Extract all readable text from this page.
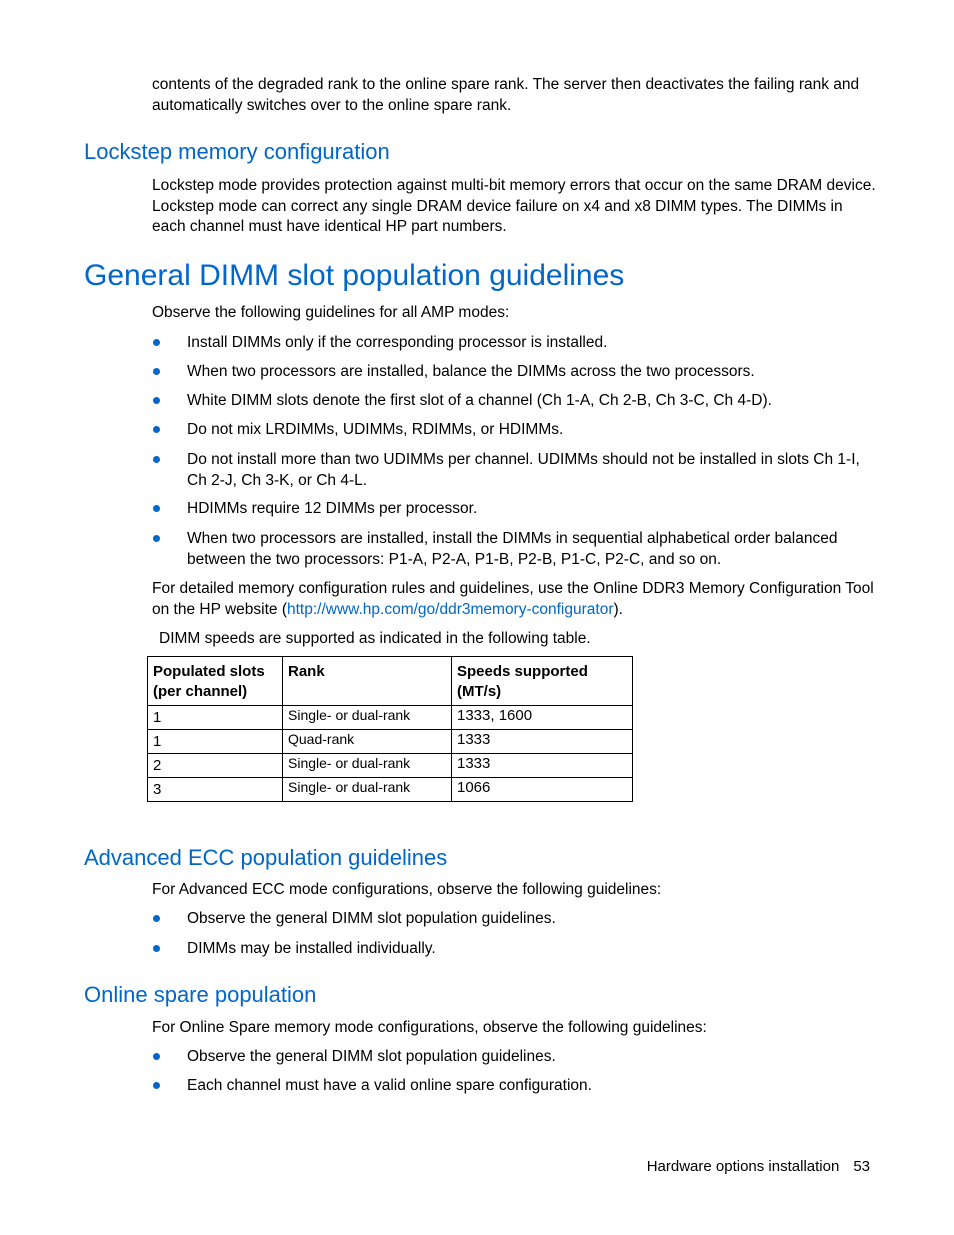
contents of the degraded rank to the online spare rank. The server then deactivates the failing rank and automatically switches over to the online spare rank.
Lockstep memory configuration
Lockstep mode provides protection against multi-bit memory errors that occur on the same DRAM device. Lockstep mode can correct any single DRAM device failure on x4 and x8 DIMM types. The DIMMs in each channel must have identical HP part numbers.
General DIMM slot population guidelines
Observe the following guidelines for all AMP modes:
Install DIMMs only if the corresponding processor is installed.
When two processors are installed, balance the DIMMs across the two processors.
White DIMM slots denote the first slot of a channel (Ch 1-A, Ch 2-B, Ch 3-C, Ch 4-D).
Do not mix LRDIMMs, UDIMMs, RDIMMs, or HDIMMs.
Do not install more than two UDIMMs per channel. UDIMMs should not be installed in slots Ch 1-I, Ch 2-J, Ch 3-K, or Ch 4-L.
HDIMMs require 12 DIMMs per processor.
When two processors are installed, install the DIMMs in sequential alphabetical order balanced between the two processors: P1-A, P2-A, P1-B, P2-B, P1-C, P2-C, and so on.
For detailed memory configuration rules and guidelines, use the Online DDR3 Memory Configuration Tool on the HP website (http://www.hp.com/go/ddr3memory-configurator).
DIMM speeds are supported as indicated in the following table.
Populated slots (per channel)	Rank	Speeds supported (MT/s)
1	Single- or dual-rank	1333, 1600
1	Quad-rank	1333
2	Single- or dual-rank	1333
3	Single- or dual-rank	1066
Advanced ECC population guidelines
For Advanced ECC mode configurations, observe the following guidelines:
Observe the general DIMM slot population guidelines.
DIMMs may be installed individually.
Online spare population
For Online Spare memory mode configurations, observe the following guidelines:
Observe the general DIMM slot population guidelines.
Each channel must have a valid online spare configuration.
Hardware options installation 53
